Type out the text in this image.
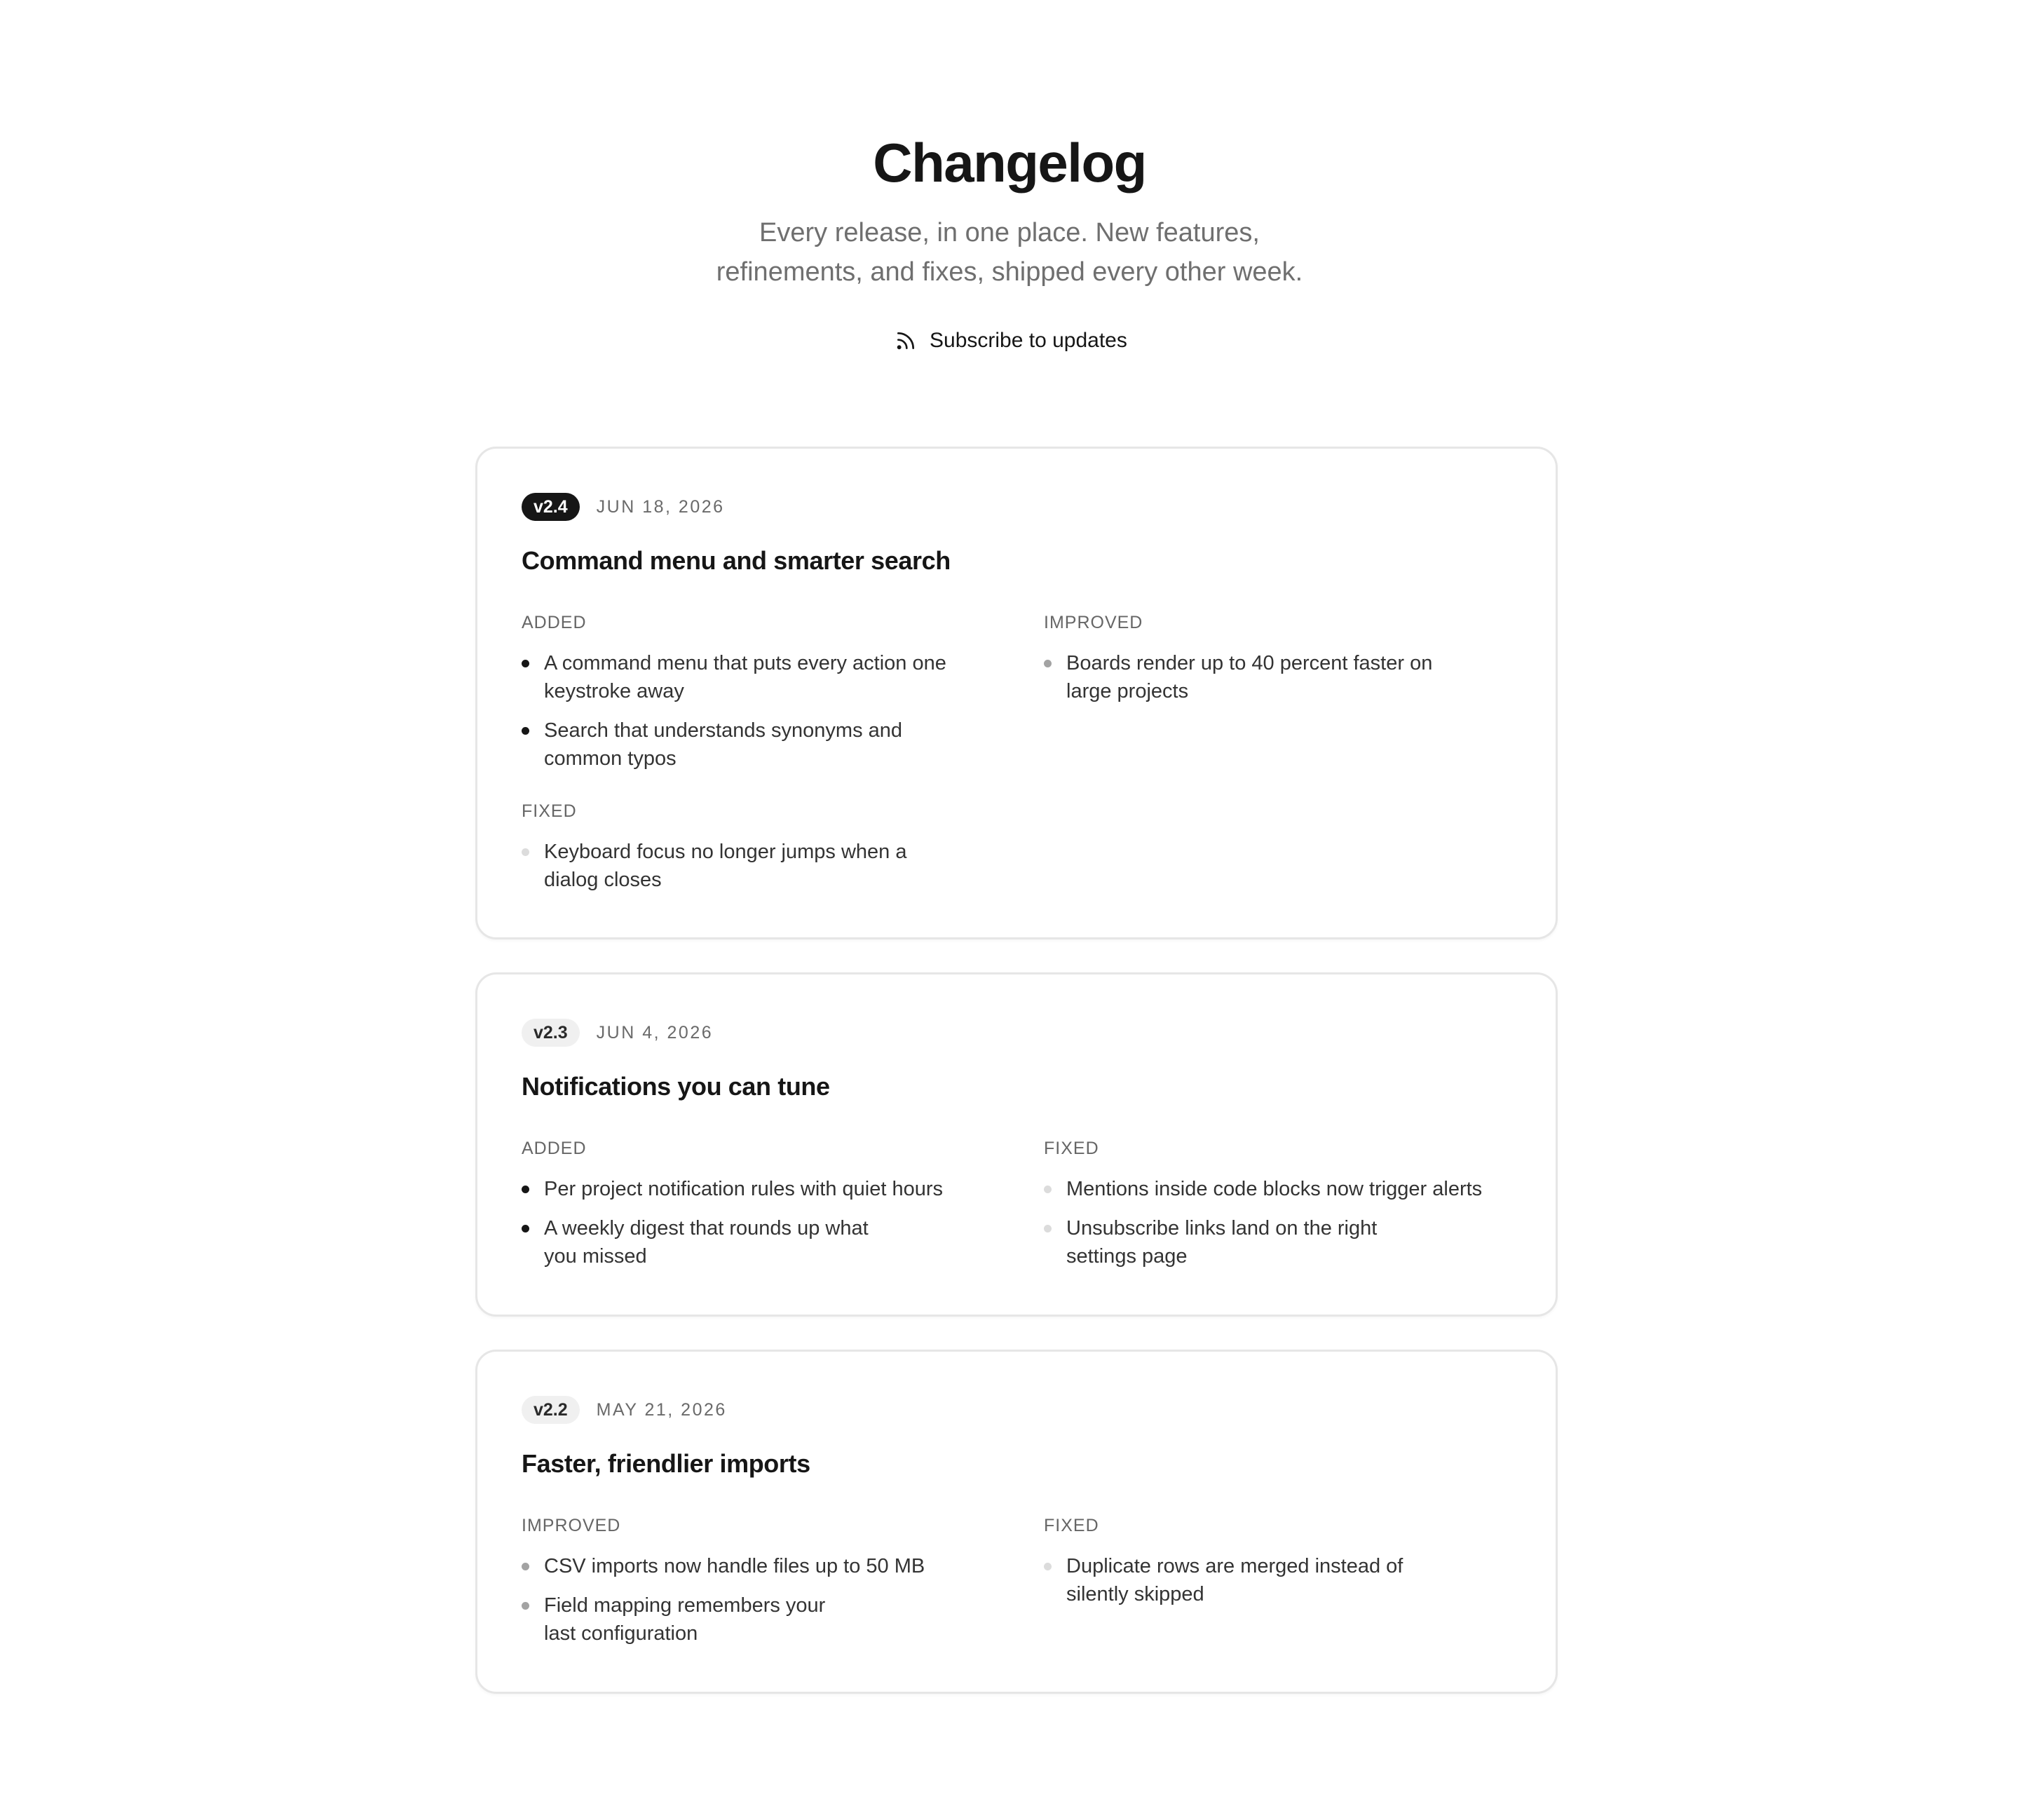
Changelog
Every release, in one place. New features,
refinements, and fixes, shipped every other week.
Subscribe to updates
v2.4	JUN 18, 2026
Command menu and smarter search
ADDED
A command menu that puts every action one
keystroke away
Search that understands synonyms and
common typos
IMPROVED
Boards render up to 40 percent faster on
large projects
FIXED
Keyboard focus no longer jumps when a
dialog closes
v2.3	JUN 4, 2026
Notifications you can tune
ADDED
Per project notification rules with quiet hours
A weekly digest that rounds up what
you missed
FIXED
Mentions inside code blocks now trigger alerts
Unsubscribe links land on the right
settings page
v2.2	MAY 21, 2026
Faster, friendlier imports
IMPROVED
CSV imports now handle files up to 50 MB
Field mapping remembers your
last configuration
FIXED
Duplicate rows are merged instead of
silently skipped
